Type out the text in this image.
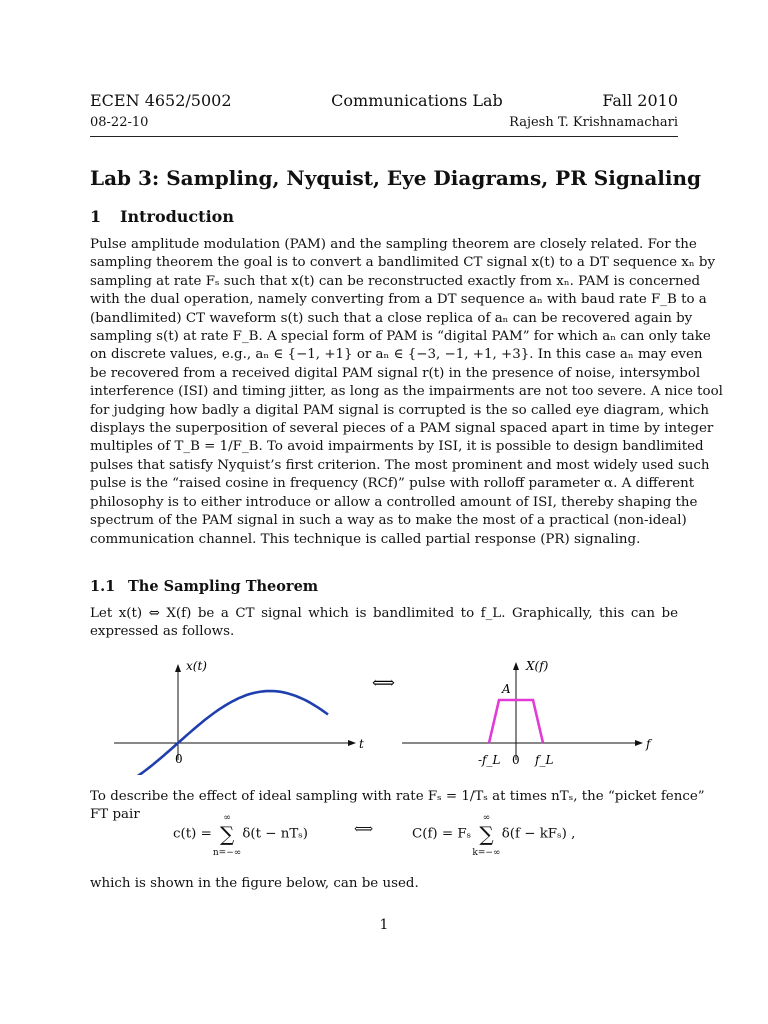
ECEN 4652/5002	Communications Lab	Fall 2010
08-22-10	Rajesh T. Krishnamachari
Lab 3: Sampling, Nyquist, Eye Diagrams, PR Signaling
1 Introduction
Pulse amplitude modulation (PAM) and the sampling theorem are closely related. For the
sampling theorem the goal is to convert a bandlimited CT signal x(t) to a DT sequence xₙ by
sampling at rate Fₛ such that x(t) can be reconstructed exactly from xₙ. PAM is concerned
with the dual operation, namely converting from a DT sequence aₙ with baud rate F_B to a
(bandlimited) CT waveform s(t) such that a close replica of aₙ can be recovered again by
sampling s(t) at rate F_B. A special form of PAM is “digital PAM” for which aₙ can only take
on discrete values, e.g., aₙ ∈ {−1, +1} or aₙ ∈ {−3, −1, +1, +3}. In this case aₙ may even
be recovered from a received digital PAM signal r(t) in the presence of noise, intersymbol
interference (ISI) and timing jitter, as long as the impairments are not too severe. A nice tool
for judging how badly a digital PAM signal is corrupted is the so called eye diagram, which
displays the superposition of several pieces of a PAM signal spaced apart in time by integer
multiples of T_B = 1/F_B. To avoid impairments by ISI, it is possible to design bandlimited
pulses that satisfy Nyquist’s first criterion. The most prominent and most widely used such
pulse is the “raised cosine in frequency (RCf)” pulse with rolloff parameter α. A different
philosophy is to either introduce or allow a controlled amount of ISI, thereby shaping the
spectrum of the PAM signal in such a way as to make the most of a practical (non-ideal)
communication channel. This technique is called partial response (PR) signaling.
1.1 The Sampling Theorem
Let x(t) ⇔ X(f) be a CT signal which is bandlimited to f_L. Graphically, this can be
expressed as follows.
x(t)
t
0
⟺
X(f)
f
A
-f_L 0 f_L
To describe the effect of ideal sampling with rate Fₛ = 1/Tₛ at times nTₛ, the “picket fence”
FT pair
c(t) = ∑
∞
n=−∞
δ(t − nTₛ)	⟺	C(f) = Fₛ ∑
∞
k=−∞
δ(f − kFₛ) ,
which is shown in the figure below, can be used.
1
